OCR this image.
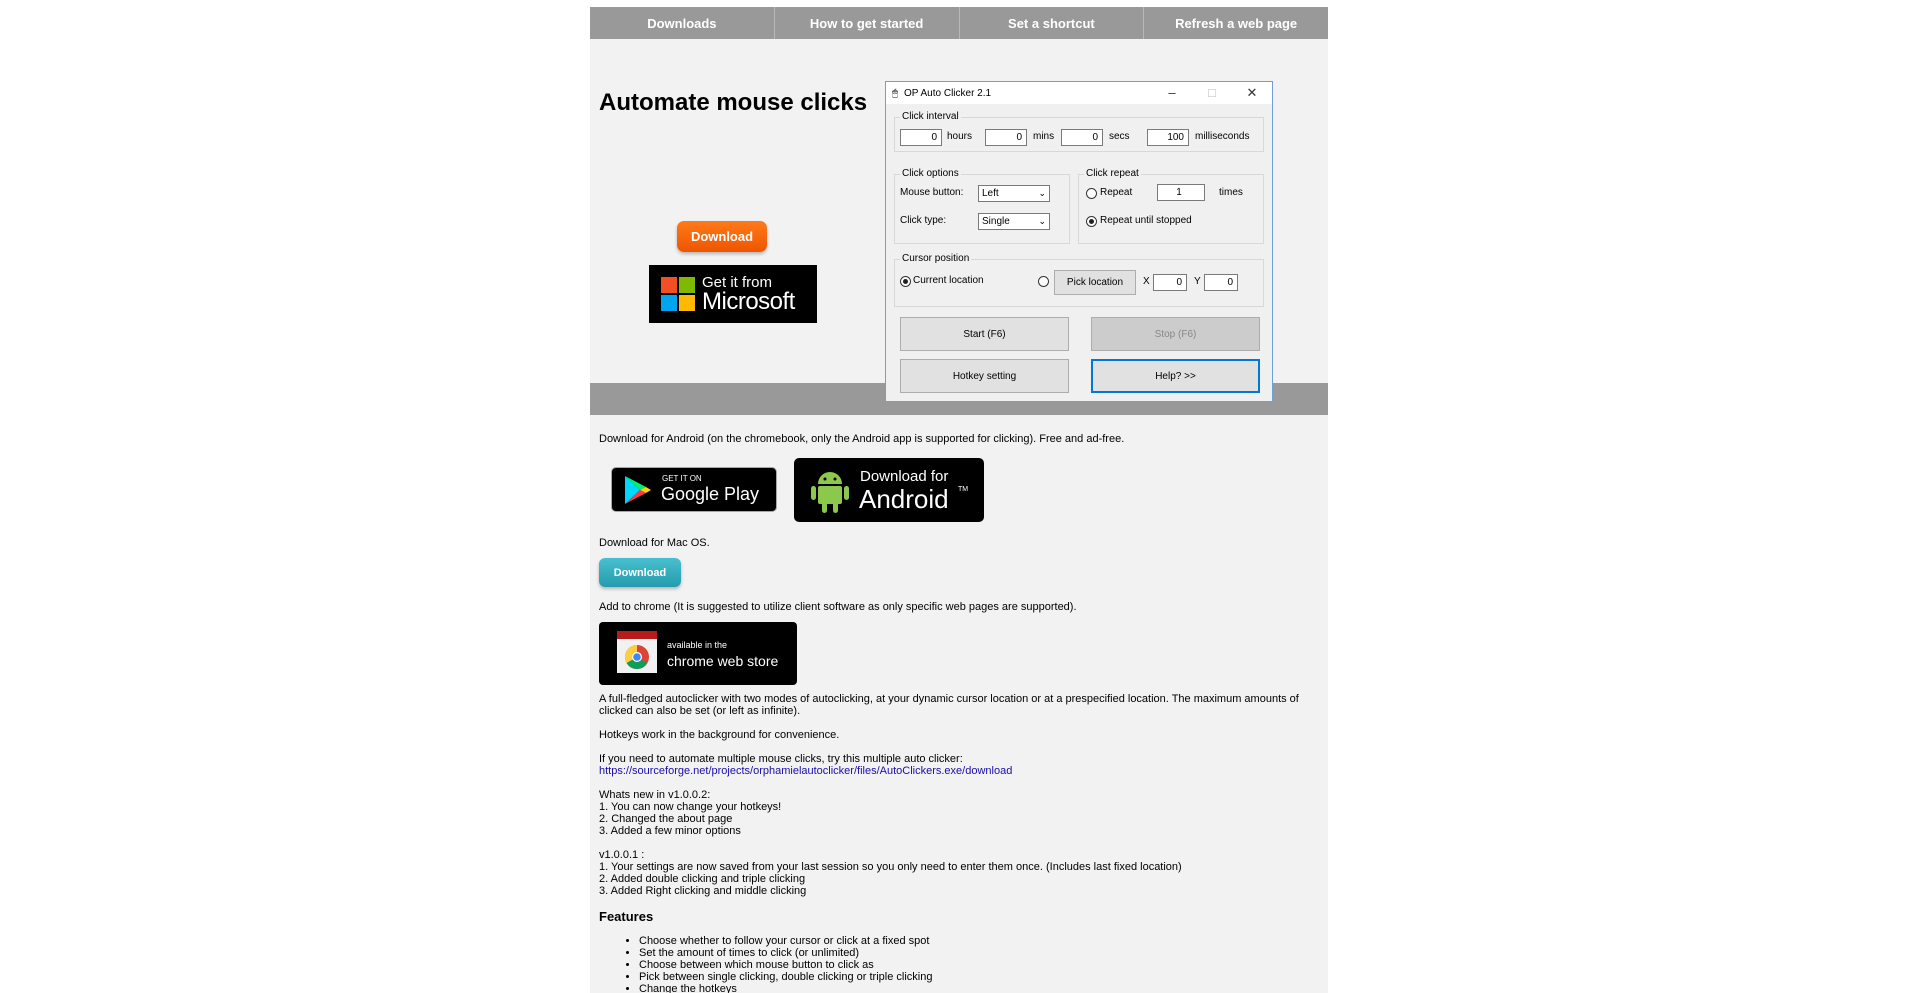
Downloads	How to get started	Set a shortcut	Refresh a web page
Automate mouse clicks
Download
Get it from
Microsoft
🖱 OP Auto Clicker 2.1	–	□	✕
Click interval
0	hours	0	mins	0	secs	100	milliseconds
Click options
Mouse button:	Left	⌄
Click type:	Single	⌄
Click repeat
Repeat	1	times
Repeat until stopped
Cursor position
Current location	Pick location	X	0	Y	0
Start (F6)	Stop (F6)
Hotkey setting	Help? >>

Download for Android (on the chromebook, only the Android app is supported for clicking). Free and ad-free.

GET IT ON
Google Play
Download for
Android TM

Download for Mac OS.

Download

Add to chrome (It is suggested to utilize client software as only specific web pages are supported).

available in the
chrome web store

A full-fledged autoclicker with two modes of autoclicking, at your dynamic cursor location or at a prespecified location. The maximum amounts of clicked can also be set (or left as infinite).

Hotkeys work in the background for convenience.

If you need to automate multiple mouse clicks, try this multiple auto clicker: https://sourceforge.net/projects/orphamielautoclicker/files/AutoClickers.exe/download

Whats new in v1.0.0.2:

1. You can now change your hotkeys!

2. Changed the about page

3. Added a few minor options

v1.0.0.1 :

1. Your settings are now saved from your last session so you only need to enter them once. (Includes last fixed location)

2. Added double clicking and triple clicking

3. Added Right clicking and middle clicking

Features

• Choose whether to follow your cursor or click at a fixed spot
• Set the amount of times to click (or unlimited)
• Choose between which mouse button to click as
• Pick between single clicking, double clicking or triple clicking
• Change the hotkeys
